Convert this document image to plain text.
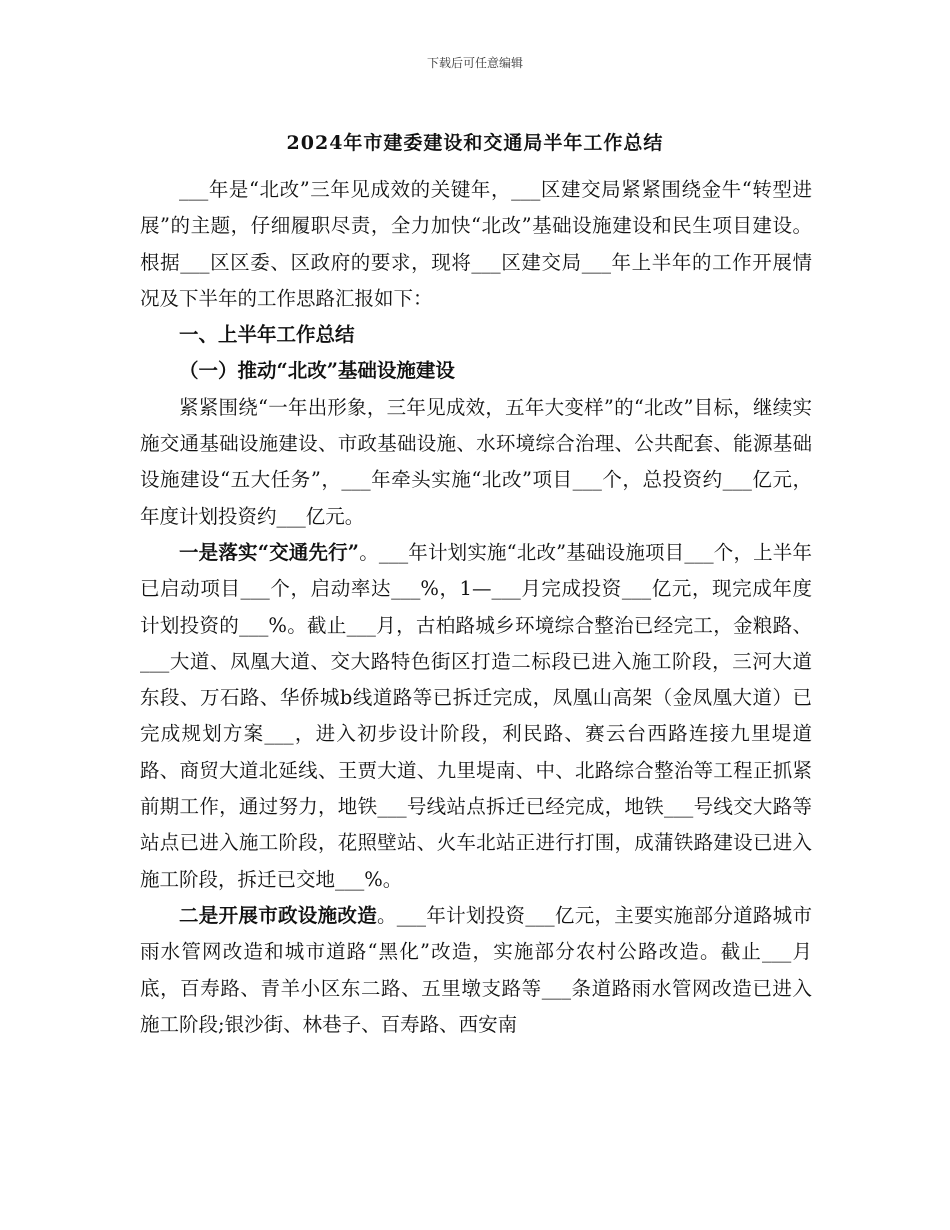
下载后可任意编辑
2024年市建委建设和交通局半年工作总结

___年是“北改”三年见成效的关键年，___区建交局紧紧围绕金牛“转型进展”的主题，仔细履职尽责，全力加快“北改”基础设施建设和民生项目建设。根据___区区委、区政府的要求，现将___区建交局___年上半年的工作开展情况及下半年的工作思路汇报如下：

一、上半年工作总结

（一）推动“北改”基础设施建设

紧紧围绕“一年出形象，三年见成效，五年大变样”的“北改”目标，继续实施交通基础设施建设、市政基础设施、水环境综合治理、公共配套、能源基础设施建设“五大任务”，___年牵头实施“北改”项目___个，总投资约___亿元，年度计划投资约___亿元。

一是落实“交通先行”。___年计划实施“北改”基础设施项目___个，上半年已启动项目___个，启动率达___%，1—___月完成投资___亿元，现完成年度计划投资的___%。截止___月，古柏路城乡环境综合整治已经完工，金粮路、___大道、凤凰大道、交大路特色街区打造二标段已进入施工阶段，三河大道东段、万石路、华侨城b线道路等已拆迁完成，凤凰山高架（金凤凰大道）已完成规划方案___，进入初步设计阶段，利民路、赛云台西路连接九里堤道路、商贸大道北延线、王贾大道、九里堤南、中、北路综合整治等工程正抓紧前期工作，通过努力，地铁___号线站点拆迁已经完成，地铁___号线交大路等站点已进入施工阶段，花照壁站、火车北站正进行打围，成蒲铁路建设已进入施工阶段，拆迁已交地___%。

二是开展市政设施改造。___年计划投资___亿元，主要实施部分道路城市雨水管网改造和城市道路“黑化”改造，实施部分农村公路改造。截止___月底，百寿路、青羊小区东二路、五里墩支路等___条道路雨水管网改造已进入施工阶段;银沙街、林巷子、百寿路、西安南
